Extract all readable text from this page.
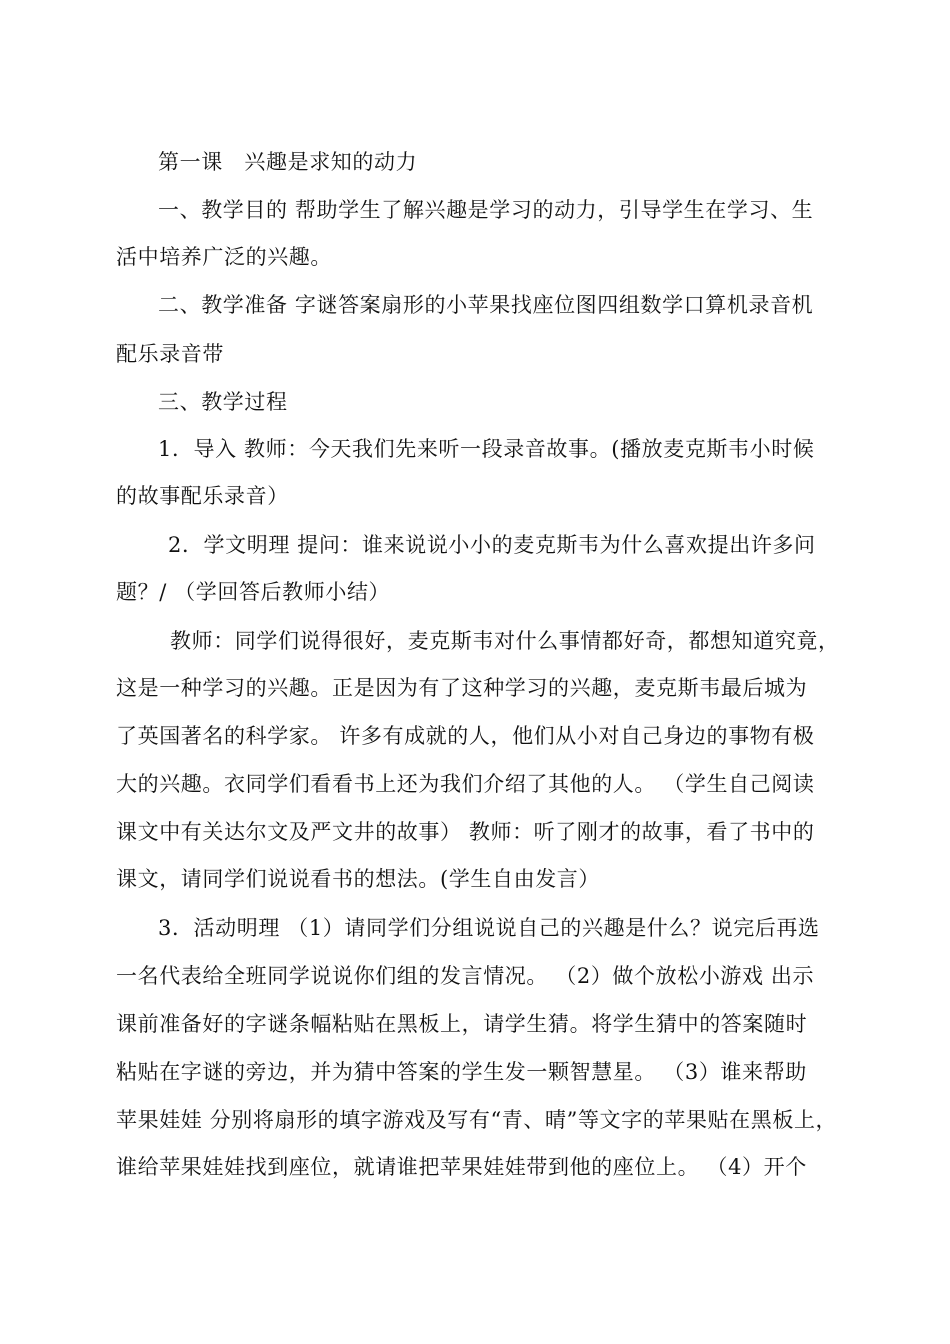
第一课　兴趣是求知的动力
一、教学目的 帮助学生了解兴趣是学习的动力，引导学生在学习、生
活中培养广泛的兴趣。
二、教学准备 字谜答案扇形的小苹果找座位图四组数学口算机录音机
配乐录音带
三、教学过程
1．导入 教师：今天我们先来听一段录音故事。(播放麦克斯韦小时候
的故事配乐录音）
2．学文明理 提问：谁来说说小小的麦克斯韦为什么喜欢提出许多问
题？/ （学回答后教师小结）
教师：同学们说得很好，麦克斯韦对什么事情都好奇，都想知道究竟，
这是一种学习的兴趣。正是因为有了这种学习的兴趣，麦克斯韦最后城为
了英国著名的科学家。 许多有成就的人，他们从小对自己身边的事物有极
大的兴趣。衣同学们看看书上还为我们介绍了其他的人。 （学生自己阅读
课文中有关达尔文及严文井的故事） 教师：听了刚才的故事，看了书中的
课文，请同学们说说看书的想法。(学生自由发言）
3．活动明理 （1）请同学们分组说说自己的兴趣是什么？说完后再选
一名代表给全班同学说说你们组的发言情况。 （2）做个放松小游戏 出示
课前准备好的字谜条幅粘贴在黑板上，请学生猜。将学生猜中的答案随时
粘贴在字谜的旁边，并为猜中答案的学生发一颗智慧星。 （3）谁来帮助
苹果娃娃 分别将扇形的填字游戏及写有“青、晴”等文字的苹果贴在黑板上，
谁给苹果娃娃找到座位，就请谁把苹果娃娃带到他的座位上。 （4）开个
